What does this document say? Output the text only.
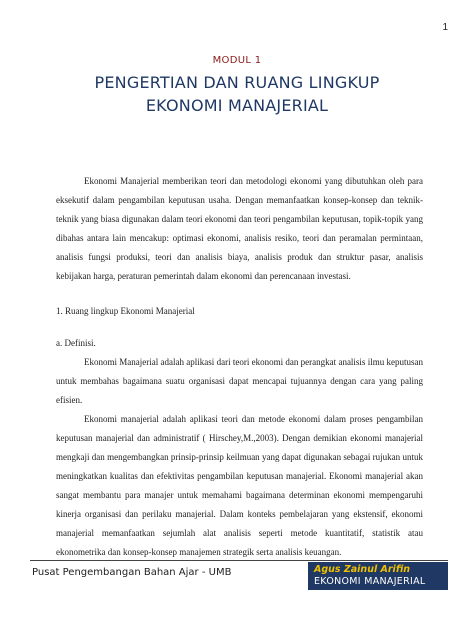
1
MODUL 1
PENGERTIAN DAN RUANG LINGKUP
EKONOMI MANAJERIAL

Ekonomi Manajerial memberikan teori dan metodologi ekonomi yang dibutuhkan oleh para eksekutif dalam pengambilan keputusan usaha. Dengan memanfaatkan konsep-konsep dan teknik-teknik yang biasa digunakan dalam teori ekonomi dan teori pengambilan keputusan, topik-topik yang dibahas antara lain mencakup: optimasi ekonomi, analisis resiko, teori dan peramalan permintaan, analisis fungsi produksi, teori dan analisis biaya, analisis produk dan struktur pasar, analisis kebijakan harga, peraturan pemerintah dalam ekonomi dan perencanaan investasi.

1. Ruang lingkup Ekonomi Manajerial

a. Definisi.

Ekonomi Manajerial adalah aplikasi dari teori ekonomi dan perangkat analisis ilmu keputusan untuk membahas bagaimana suatu organisasi dapat mencapai tujuannya dengan cara yang paling efisien.

Ekonomi manajerial adalah aplikasi teori dan metode ekonomi dalam proses pengambilan keputusan manajerial dan administratif ( Hirschey,M.,2003). Dengan demikian ekonomi manajerial mengkaji dan mengembangkan prinsip-prinsip keilmuan yang dapat digunakan sebagai rujukan untuk meningkatkan kualitas dan efektivitas pengambilan keputusan manajerial. Ekonomi manajerial akan sangat membantu para manajer untuk memahami bagaimana determinan ekonomi mempengaruhi kinerja organisasi dan perilaku manajerial. Dalam konteks pembelajaran yang ekstensif, ekonomi manajerial memanfaatkan sejumlah alat analisis seperti metode kuantitatif, statistik atau ekonometrika dan konsep-konsep manajemen strategik serta analisis keuangan.

Pusat Pengembangan Bahan Ajar - UMB	Agus Zainul Arifin
EKONOMI MANAJERIAL
